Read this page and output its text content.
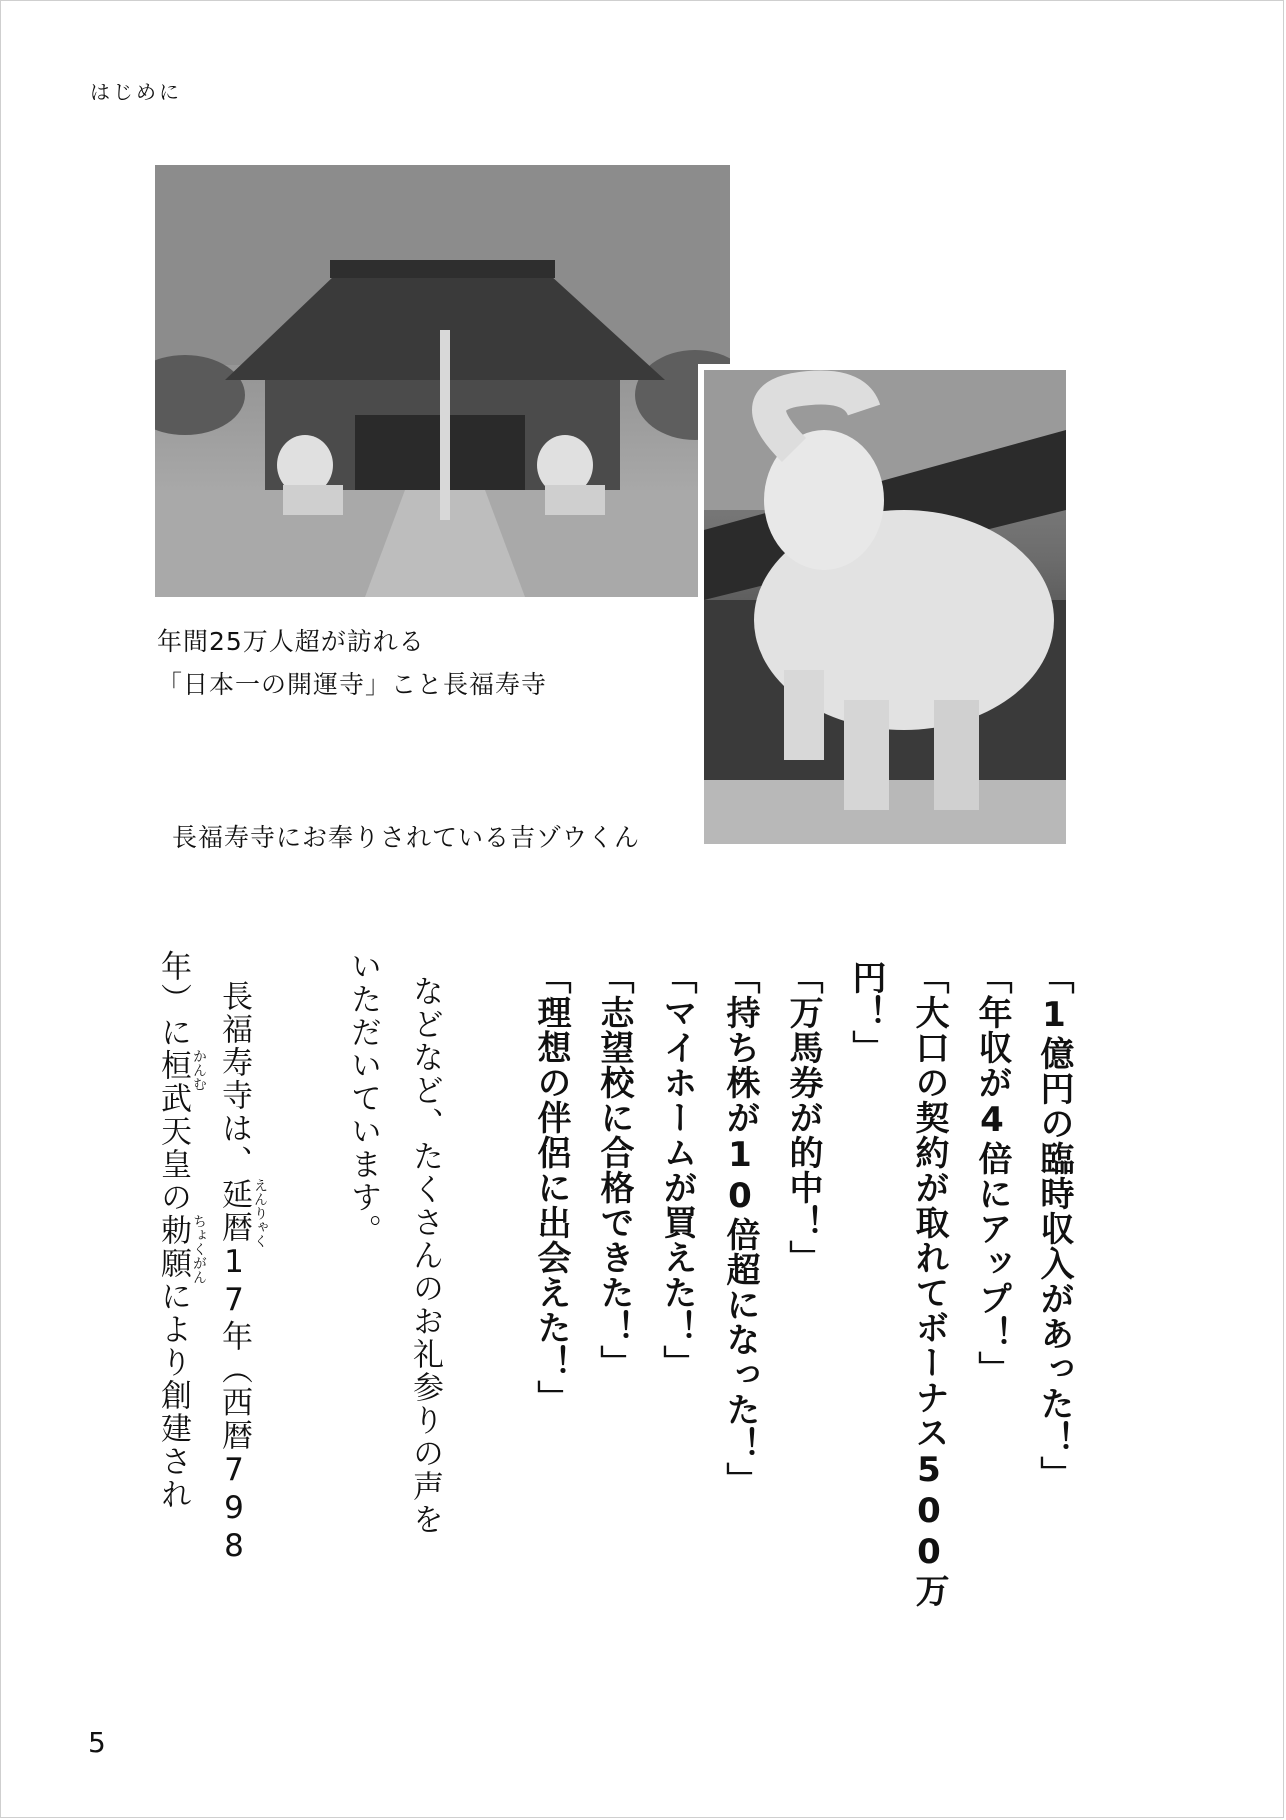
はじめに
年間25万人超が訪れる
「日本一の開運寺」こと長福寿寺
長福寿寺にお奉りされている吉ゾウくん
「1億円の臨時収入があった！」
「年収が4倍にアップ！」
「大口の契約が取れてボーナス500万
円！」
「万馬券が的中！」
「持ち株が10倍超になった！」
「マイホームが買えた！」
「志望校に合格できた！」
「理想の伴侶に出会えた！」
などなど、たくさんのお礼参りの声を
いただいています。
長福寿寺は、延暦 えんりゃく
17年（西暦798
年）に桓武 かんむ
天皇の勅願 ちょくがん
により創建され
5
